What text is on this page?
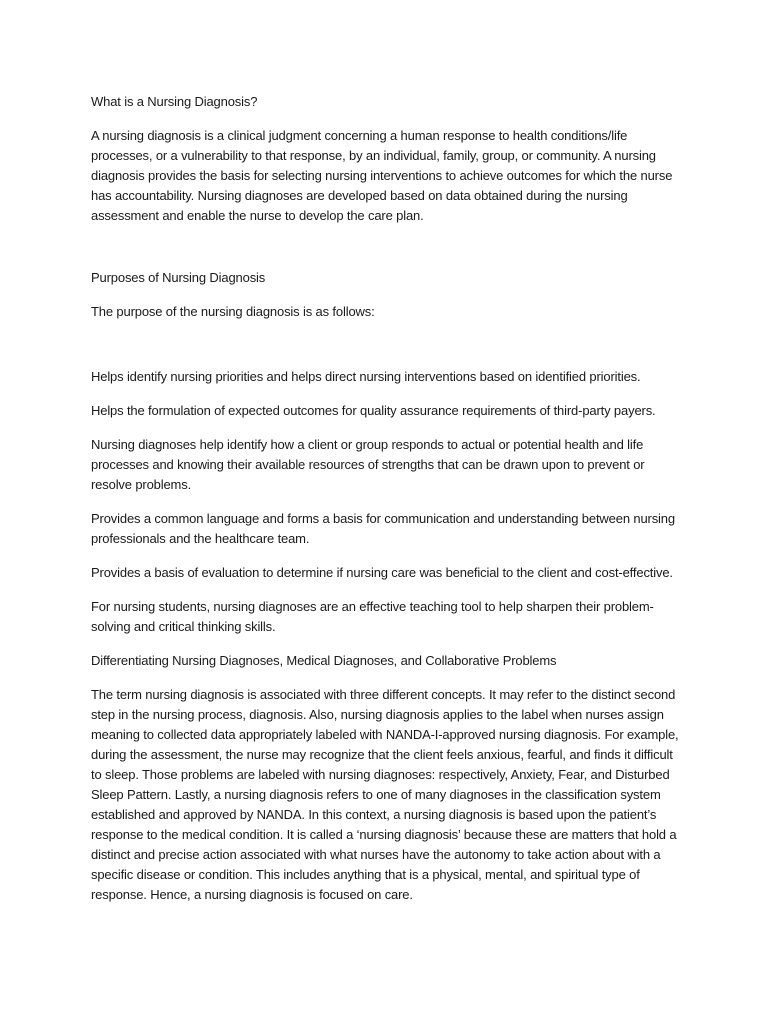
What is a Nursing Diagnosis?

A nursing diagnosis is a clinical judgment concerning a human response to health conditions/life processes, or a vulnerability to that response, by an individual, family, group, or community. A nursing diagnosis provides the basis for selecting nursing interventions to achieve outcomes for which the nurse has accountability. Nursing diagnoses are developed based on data obtained during the nursing assessment and enable the nurse to develop the care plan.

Purposes of Nursing Diagnosis

The purpose of the nursing diagnosis is as follows:

Helps identify nursing priorities and helps direct nursing interventions based on identified priorities.

Helps the formulation of expected outcomes for quality assurance requirements of third-party payers.

Nursing diagnoses help identify how a client or group responds to actual or potential health and life processes and knowing their available resources of strengths that can be drawn upon to prevent or resolve problems.

Provides a common language and forms a basis for communication and understanding between nursing professionals and the healthcare team.

Provides a basis of evaluation to determine if nursing care was beneficial to the client and cost-effective.

For nursing students, nursing diagnoses are an effective teaching tool to help sharpen their problem-solving and critical thinking skills.

Differentiating Nursing Diagnoses, Medical Diagnoses, and Collaborative Problems

The term nursing diagnosis is associated with three different concepts. It may refer to the distinct second step in the nursing process, diagnosis. Also, nursing diagnosis applies to the label when nurses assign meaning to collected data appropriately labeled with NANDA-I-approved nursing diagnosis. For example, during the assessment, the nurse may recognize that the client feels anxious, fearful, and finds it difficult to sleep. Those problems are labeled with nursing diagnoses: respectively, Anxiety, Fear, and Disturbed Sleep Pattern. Lastly, a nursing diagnosis refers to one of many diagnoses in the classification system established and approved by NANDA. In this context, a nursing diagnosis is based upon the patient’s response to the medical condition. It is called a ‘nursing diagnosis’ because these are matters that hold a distinct and precise action associated with what nurses have the autonomy to take action about with a specific disease or condition. This includes anything that is a physical, mental, and spiritual type of response. Hence, a nursing diagnosis is focused on care.
